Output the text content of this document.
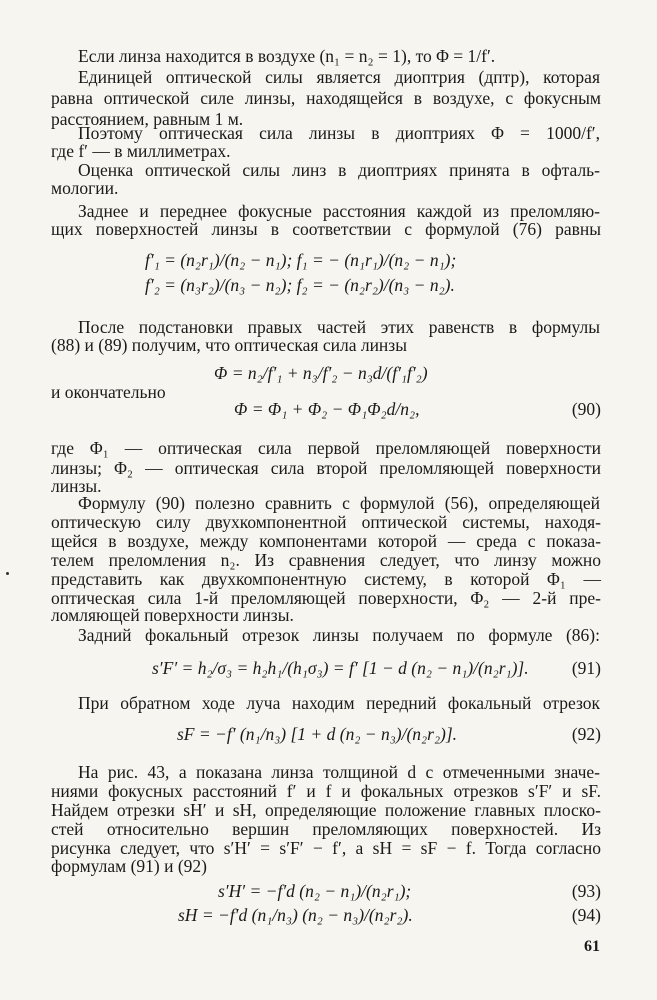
Если линза находится в воздухе (n₁ = n₂ = 1), то Φ = 1/f′.
Единицей оптической силы является диоптрия (дптр), которая
равна оптической силе линзы, находящейся в воздухе, с фокусным
расстоянием, равным 1 м.
Поэтому оптическая сила линзы в диоптриях Φ = 1000/f′,
где f′ — в миллиметрах.
Оценка оптической силы линз в диоптриях принята в офталь-
мологии.
Заднее и переднее фокусные расстояния каждой из преломляю-
щих поверхностей линзы в соответствии с формулой (76) равны
f′₁ = (n₂r₁)/(n₂ − n₁); f₁ = − (n₁r₁)/(n₂ − n₁);
f′₂ = (n₃r₂)/(n₃ − n₂); f₂ = − (n₂r₂)/(n₃ − n₂).
После подстановки правых частей этих равенств в формулы
(88) и (89) получим, что оптическая сила линзы
Φ = n₂/f′₁ + n₃/f′₂ − n₃d/(f′₁f′₂)
и окончательно
Φ = Φ₁ + Φ₂ − Φ₁Φ₂d/n₂,	(90)
где Φ₁ — оптическая сила первой преломляющей поверхности
линзы; Φ₂ — оптическая сила второй преломляющей поверхности
линзы.
Формулу (90) полезно сравнить с формулой (56), определяющей
оптическую силу двухкомпонентной оптической системы, находя-
щейся в воздухе, между компонентами которой — среда с показа-
телем преломления n₂. Из сравнения следует, что линзу можно
представить как двухкомпонентную систему, в которой Φ₁ —
оптическая сила 1-й преломляющей поверхности, Φ₂ — 2-й пре-
ломляющей поверхности линзы.
Задний фокальный отрезок линзы получаем по формуле (86):
s′F′ = h₂/σ₃ = h₂h₁/(h₁σ₃) = f′ [1 − d (n₂ − n₁)/(n₂r₁)]. (91)
При обратном ходе луча находим передний фокальный отрезок
sF = −f′ (n₁/n₃) [1 + d (n₂ − n₃)/(n₂r₂)].	(92)
На рис. 43, а показана линза толщиной d с отмеченными значе-
ниями фокусных расстояний f′ и f и фокальных отрезков s′F′ и sF.
Найдем отрезки sH′ и sH, определяющие положение главных плоско-
стей относительно вершин преломляющих поверхностей. Из
рисунка следует, что s′H′ = s′F′ − f′, а sH = sF − f. Тогда согласно
формулам (91) и (92)
s′H′ = −f′d (n₂ − n₁)/(n₂r₁);	(93)
sH = −f′d (n₁/n₃) (n₂ − n₃)/(n₂r₂).	(94)
61
